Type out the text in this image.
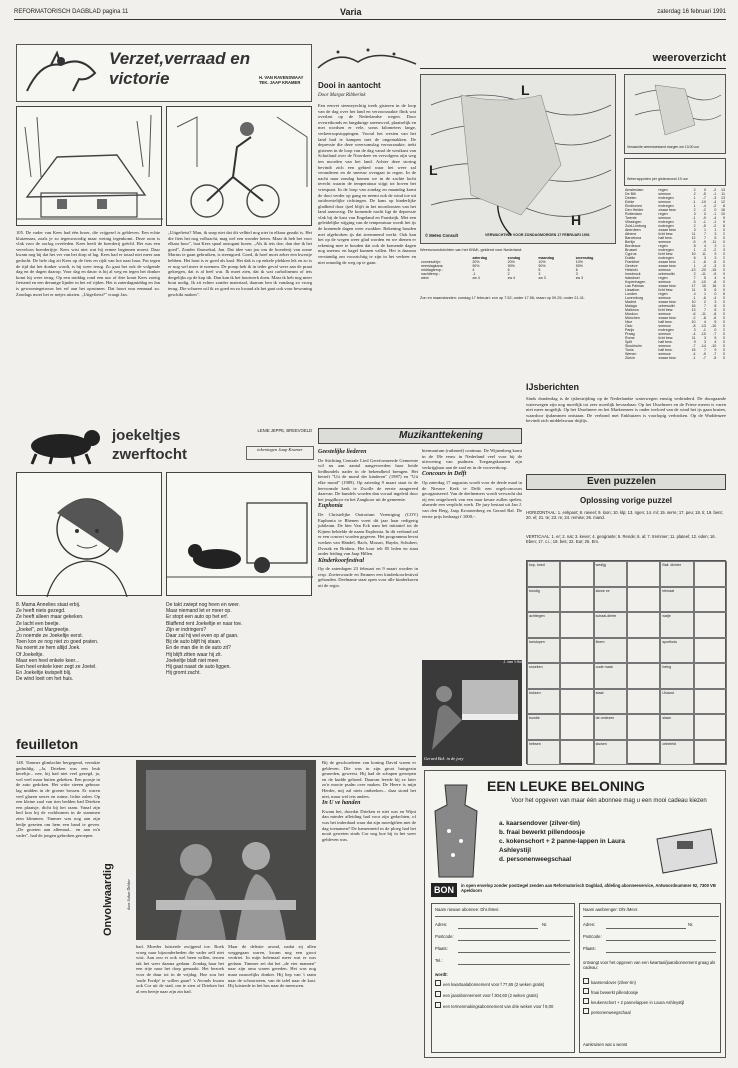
REFORMATORISCH DAGBLAD pagina 11	Varia	zaterdag 16 februari 1991
Verzet,verraad en victorie	H. VAN RAVENSWAAY TEK. JAAP KRAMER

105. De vader van Kees had één broer, die vrijgezel is gebleven. Een echte kluizenaar, zoals je zo tegenwoordig maar weinig tegenkomt. Deze oom is vlak voor de oorlog overleden. Kees heeft de boerderij geërfd. Het was een verveloos boerderijtje. Kees wist niet wat hij ermee beginnen moest. Daar kwam nog bij dat het ver van het dorp af lag. Kees had er totaal niet meer aan gedacht. De hele dag zit Kees op de fiets en rijdt van hot naar haar. Pas tegen de tijd dat het donker wordt, is hij weer terug. Zo gaat het ook de volgende dag en de dagen daarop. Voor dag en dauw is hij al weg en tegen het donker komt hij weer terug. Op een middag rond een uur of drie komt Kees zoetig fietsend en een dreunige lijnder in het erf rijden. Het is zaterdagmiddag en Jan is gewoontegetrouw het erf aan het opruimen. Dat hoort nou eenmaal zo. Zondags moet het er netjes uitzien. „Uitgefietst?" vraagt Jan.

„Uitgefietst? Man, ik snap niet dat dit velhiel nog niet in elkaar gezakt is. Het die fiets het nog volbracht, mag wel een wonder heten. Maar ik heb het voor elkaar hoor", laat Kees spaal astrogant horen. „Als ik iets doe, dan doe ik het goed", Zonder flauwekul, Jan. Dat idee van jou om de boerderij van oome Marius te gaan gebruiken, is steengoed. Goed, ik hoef moet zeker een kwestje hebben. Het hout is er goed als kaal. Het dak is op enkele plekken lek en zo is er nog wel meer te noemen. De pomp heb ik in ieder geval weer aan de praat gekregen, dat is al heel wat. Ik moet zien, dat ik wat carbolineum of iets dergelijks op de kop tik. Dan kan ik het houtwerk doen. Maar ik heb nog meer hout nodig. Ik zit echter zonder materiaal, daarom ben ik vandaag zo vroeg terug. Die schuren wil ik zo goed en zo kwaad als het gaat ook voor bewoning geschikt maken".

Dooi in aantocht
Door Margot Ribberink

Een eenvei steeneyechtig treek gisteren in de loop van de dag over het land en verzoorzaakte flink wat overlast op de Nederlandse wegen. Door overreikonds en langdurige sneeuwval, plaatselijk en met wordsen er vele, soms kilometers lange, verkeersopstoppingen. Vooral het westen van het land had te kampen met de ongemakken. De depressie die deze weersomslag veroorzaakte, trekt gisteren in de loop van de dag vanaf de westkust van Schotland over de Noordzee en vervolgens zijn weg ten noorden van het land. Achter deze storing bevindt zich een gebied waar het weer zal veranderen en de sneeuw overgaat in regen. In de nacht naar zondag komen we in de zachte lucht terecht waarin de temperatuur stijgt tot boven het vriespunt. In de loop van zondag en maandag komt de dooi verder op gang en neemt ook de wind toe uit zuidwestelijke richtingen. De kans op hinderlijke gladheid door ijzel blijft in het noordoosten van het land aanwezig. De komende nacht ligt de depressie vlak bij de kust van Engeland en Frankrijk. Met een geleidelijke stijging van de temperatuur wordt het ijs de komende dagen weer zwakker. Rekening houden met afgebroken ijs dat stremmend werkt. Ook kan het op de wegen weer glad worden en we dienen er rekening mee te houden dat ook de komende dagen nog sneeuw en hagel kunnen vallen. Het is daarom verstandig om voorzichtig te zijn in het verkeer en niet onnodig de weg op te gaan.

weeroverzicht
L
H
L
© Meteo Consult	VERWACHTING VOOR ZONDAGMORGEN 17 FEBRUARI 1991
Verwachte weerstoestand morgen om 13.00 uur
Weerrapporten per gisteravond 19 uur
Weersvooruitzichten van het KNMI, geldend voor Nederland:
	zaterdag	zondag	maandag	woensdag
zonneschijn:	20%	20%	10%	10%
neerslagkans:	90%	90%	90%	90%
middagtemp.:	4	6	5	6
nachttemp.:	-1	2	3	3
wind:	zw 4	zw 4	zw 3	zw 3
Zon en maanstanden: zondag 17 februari: zon op 7.52; onder 17.56; maan op 09.25; onder 21.41.
Amsterdam	regen	2	0	-2	13
De Bilt	sneeuw	2	-5	-1	11
Deelen	motregen	1	-7	-3	13
Eelde	sneeuw	-1	-10	-4	12
Eindhoven	motregen	1	-4	-2	8
Den Helder	zwaar bew.	2	-2	0	16
Rotterdam	regen	3	0	-1	10
Twente	sneeuw	-1	-9	-4	9
Vlissingen	motregen	3	-1	-1	5
Zuid-Limburg	motregen	2	-5	-2	6
Aberdeen	zwaar bew.	3	1	1	0
Athene	licht bew.	11	7	3	2
Barcelona	half bew.	12	7	5	0
Berlijn	sneeuw	-5	-9	-11	0
Bordeaux	regen	8	4	3	1
Brussel	motregen	1	-3	-2	3
Cyprus	licht bew.	19	11	9	0
Dublin	motregen	6	3	3	2
Frankfort	zwaar bew.	-1	-6	-5	0
Genève	zwaar bew.	1	-4	-3	0
Helsinki	sneeuw	-13	-20	-15	0
Innsbruck	onbewolkt	2	-11	-5	0
Istanboel	regen	7	5	4	4
Kopenhagen	sneeuw	-5	-10	-8	0
Las Palmas	zwaar bew.	17	15	16	0
Lissabon	licht bew.	11	5	6	0
Londen	regen	4	1	0	6
Luxemburg	sneeuw	-1	-6	-4	0
Madrid	zwaar bew.	10	2	3	0
Malaga	onbewolkt	16	7	8	0
Mallorca	licht bew.	13	7	6	0
Moskou	sneeuw	-6	-11	-8	0
München	zwaar bew.	-2	-8	-6	0
Nice	half bew.	10	4	5	0
Oslo	sneeuw	-8	-13	-10	0
Parijs	motregen	3	-1	0	2
Praag	sneeuw	-4	-10	-7	0
Rome	licht bew.	11	3	5	0
Split	half bew.	9	3	4	0
Stockholm	sneeuw	-7	-14	-10	0
Tunis	half bew.	15	7	9	0
Wenen	sneeuw	-4	-9	-7	0
Zürich	zwaar bew.	-1	-7	-5	0
joekeltjes zwerftocht
LENIE JEPPE, BREEVOELD
tekeningen Jaap Kramer

8. Mama Annelies staat erbij.

Ze heeft niets gezegd.

Ze heeft alleen maar gekeken.

Ze lacht een beetje.

„Joekel", zei Margreetje.

Zo noemde ze Joekeltje eerst.

Toen kon ze nog niet zo goed praten.

Nu noemt ze hem altijd Joek.

Of Joekeltje.

Maar een heel enkele keer...

Een heel enkele keer zegt ze Joetel.

En Joekeltje kwispelt blij.

De wind loeit om het huis.

De takt zwiept nog heen en weer.

Maar niemand let er meer op.

Er stopt een auto op het erf.

Blaffend rent Joekeltje er naar toe.

Zijn er indringers?

Daar zal hij wel even op af gaan.

Bij de auto blijft hij staan.

En de man die in de auto zit?

Hij blijft zitten waar hij zit.

Joekeltje blaft niet meer.

Hij gaat naast de auto liggen.

Hij gromt zacht.

Muzikanttekening
Geestelijke liederen

De Stichting Centrale Lied Gereformeerde Gemeente wil nu aan aantal aangevoerden haar beide liedbundels nader in de bekendheid brengen. Het betreft "Uit de mond der kinderen" (1987) en "Uit elke mond" (1989). Op zaterdag 9 maart staat in de hervormde kerk te Zwolle de eerste aangereed daarvan. De bundels worden dan vocaal ingeleid door het jeugdkoor en het Zangkoor uit de gemeente.

Euphonia

De Christelijke Oratorium Vereniging (COV) Euphonia te Rhenen voert dit jaar haar redigerig jubileum. De hier Van Eck nam het initiatief tot de Kijnen behielde de naam Euphonia. In dit verband zal er een concert worden gegeven. Het programma bevat werken van Händel, Bach, Mozart, Haydn, Schubert, Dvorak en Brahms. Het koor telt 85 leden en staat onder leiding van Jaap Hillen.

Kinderkoorfestival

Op de zaterdagen 23 februari en 9 maart worden in resp. Zoeterwoude en Emmen een kinderkoorfestival gehouden. Deelname staat open voor alle kinderkoren uit de regio.

hiermonium (ruthmed) continuo. De Wijnenberg komt in de 18e eeuw in Nederland veel voor bij de uitvoering van psalmen. Toegangskaarten zijn verkrijgbaar aan de zaal en in de voorverkoop.

Concours in Delft

Op zaterdag 17 augustus wordt voor de derde maal in de Nieuwe Kerk te Delft een orgelconcours georganiseerd. Van de deelnemers wordt verwacht dat zij een ontgelwerk van een naar keuze zullen spelen, alsmede een verplicht werk. De jury bestaat uit Jan J. van den Berg, Jaap Kroonenberg en Gerard Bal. De eerste prijs bedraagt f 1000,-.

J. van 't Hul
Gerard Bal: in de jury
IJsberichten

Sinds donderdag is de ijsbestrijding op de Nederlandse waterwegen ernstig verhinderd. De doorgaande waterwegen zijn nog moeilijk tot zeer moeilijk bevaarbaar. Op het IJsselmeer en de Friese meren is varen niet meer mogelijk. Op het IJsselmeer en het Markermeer is onder invloed van de wind het ijs gaan kruien, waardoor ijsdammen ontstaan. De verbond met Enkhuizen is voorlopig verbroken. Op de Waddenzee bevindt zich middelzwaar drijfijs.

Even puzzelen
Oplossing vorige puzzel
HORIZONTAAL: 1. enkpant; 8. raveel; 9. loon; 10. klp; 13. ngen; 14. ml; 15. serre; 17. peu; 18. ti; 19. bent; 20. el; 21. te; 23. re; 24. remise; 26. mand.
VERTICAAL: 1. er; 2. nat; 3. kever; 4. geograste; 5. Rende; 6. al; 7. tremmer; 11. plateel; 12. eden; 16. Eben; 17. c.i.; 19. bes; 22. Ear; 25. Em.
kop, hoed	wedijg	Bali. dichter
bundig	sluwe ze	telmaat
achtiegen	schaal-dierte	watje
toestopen	fleem	sportbuis
snoeken	oude maat	beleg
boksen	staat	IJsland
bundie	de omlezen	slaan
hebsen	sluwen	onbeleid
feuilleton

148. Timmer glimlachte bergegend, verrukte gedruldig. „Ja, Drieken was een leuk kereltje... nee, hij had niet veel gezegd, ja, wel veel maar buiten gekeken. Een poosje in de auto gedoken. Het witte steeen gebouw lag midden in de groene bossen. Er waren veel glazen serres en ruime, lichte zalen. Op een kleine zaal van tien bedden had Drieken een plaatsje, dicht bij het raam. Vanaf zijn bed kon hij de vorkbomen in de stammen zien klimmen. Timmer was nog aan zijn bedje gezeten om hem een hand te geven. „De groeten aan allemaal... en aan m'n vader", had de jongen gebroken geroepen.

Onvolwaardig	door Johan Dekker

had. Moeder luisterde zwijgend toe. Roek vroeg naar bijzonderheden die vader zelf niet wist. Aan zou er ook wel heen willen, teroen tak het weer daarna gedaan. Zondag haar het een ritje naar het dorp gemaakt. Het bezoek voor de duur tot in de vrijdag. Hoe zou het 'oude Fordje' te willen gaan? 's Avonds kwam ook Cor uit de stad, om te zien of Drieken het al een beetje naar zijn zin had.

Maar de deltstie avond, nadat zij allen weggegaan waren, kwam nog een groot verdriet. In mijn helemaal meer wat er was gedaan. Timmer zei dat het „de vier mannen" naar zijn oma waren gereden. Het was nog maar nauwelijks donker. Hij liep van 't raam naar de schoorsteen, van de tafel naar de kast. Hij luisterde in het bos naar de meeuwen.

Bij de geschorderen van koning David waren er gebleven. Die was in zijn groot huisgezin gesneden, geweest. Hij had de schapen geroepen en de kudde gehoed. Daarom leerde hij ze later zo'n mooie psalm over maken. De Heere is mijn Herder, mij zal niets ontbreken... daar stond het niet, maar wel iets anders.

In U ve handen

Kwam het, doordat Drieken er niet was en Wijnt dan minder afleiding had voor zijn gedachten, of was het inderdaad waar dat zijn moedgiften met de dag toenamen? De kamermeid in de ploeg had het nooit geweten sinds Cor nog hoe bij in het weer gebleven was.

EEN LEUKE BELONING
Voor het opgeven van maar één abonnee mag u een mooi cadeau kiezen
a. kaarsendover (zilver-tin)
b. fraai bewerkt pillendoosje
c. kokenschort + 2 panne-lappen in Laura Ashleystijl
d. personenweegschaal
BON	in open envelop zonder postzegel zenden aan Reformatorisch Dagblad, afdeling abonneeservice, Antwoordnummer 92, 7300 VB Apeldoorn
Naam nieuwe abonnee: Dhr./Mevr.
Adres:	Nr.
Postcode:
Plaats:
Tel.:
wordt:
een kwartaalabonnement voor f 77,65 (2 weken gratis)
een jaarabonnement voor f 304,60 (2 weken gratis)
een termenmakingsabonnement van drie weken voor f 8,00
Naam aanbrenger: Dhr./Mevr.
Adres:	Nr.
Postcode:
Plaats:
ontvangt voor het opgeven van een kwartaal/jaarabonnement graag als cadeau:
kaarsendover (zilver-tin)
fraai bewerkt pillendoosje
keukenschort + 2 pannelappen in Laura Ashleystijl
personenweegschaal
Aankruisen wat u wenst
